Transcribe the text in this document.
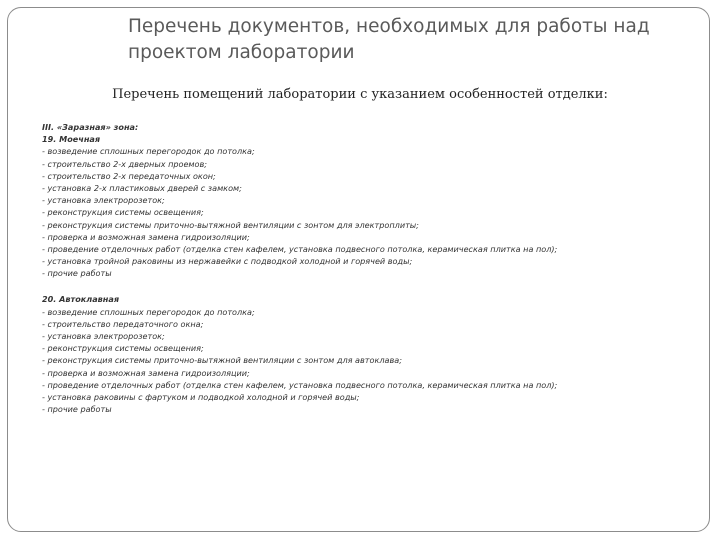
Перечень документов, необходимых для работы над
проектом лаборатории
Перечень помещений лаборатории с указанием особенностей отделки:
III. «Заразная» зона:
19. Моечная
- возведение сплошных перегородок до потолка;
- строительство 2-х дверных проемов;
- строительство 2-х передаточных окон;
- установка 2-х пластиковых дверей с замком;
- установка электророзеток;
- реконструкция системы освещения;
- реконструкция системы приточно-вытяжной вентиляции с зонтом для электроплиты;
- проверка и возможная замена гидроизоляции;
- проведение отделочных работ (отделка стен кафелем, установка подвесного потолка, керамическая плитка на пол);
- установка тройной раковины из нержавейки с подводкой холодной и горячей воды;
- прочие работы
20. Автоклавная
- возведение сплошных перегородок до потолка;
- строительство передаточного окна;
- установка электророзеток;
- реконструкция системы освещения;
- реконструкция системы приточно-вытяжной вентиляции с зонтом для автоклава;
- проверка и возможная замена гидроизоляции;
- проведение отделочных работ (отделка стен кафелем, установка подвесного потолка, керамическая плитка на пол);
- установка раковины с фартуком и подводкой холодной и горячей воды;
- прочие работы
